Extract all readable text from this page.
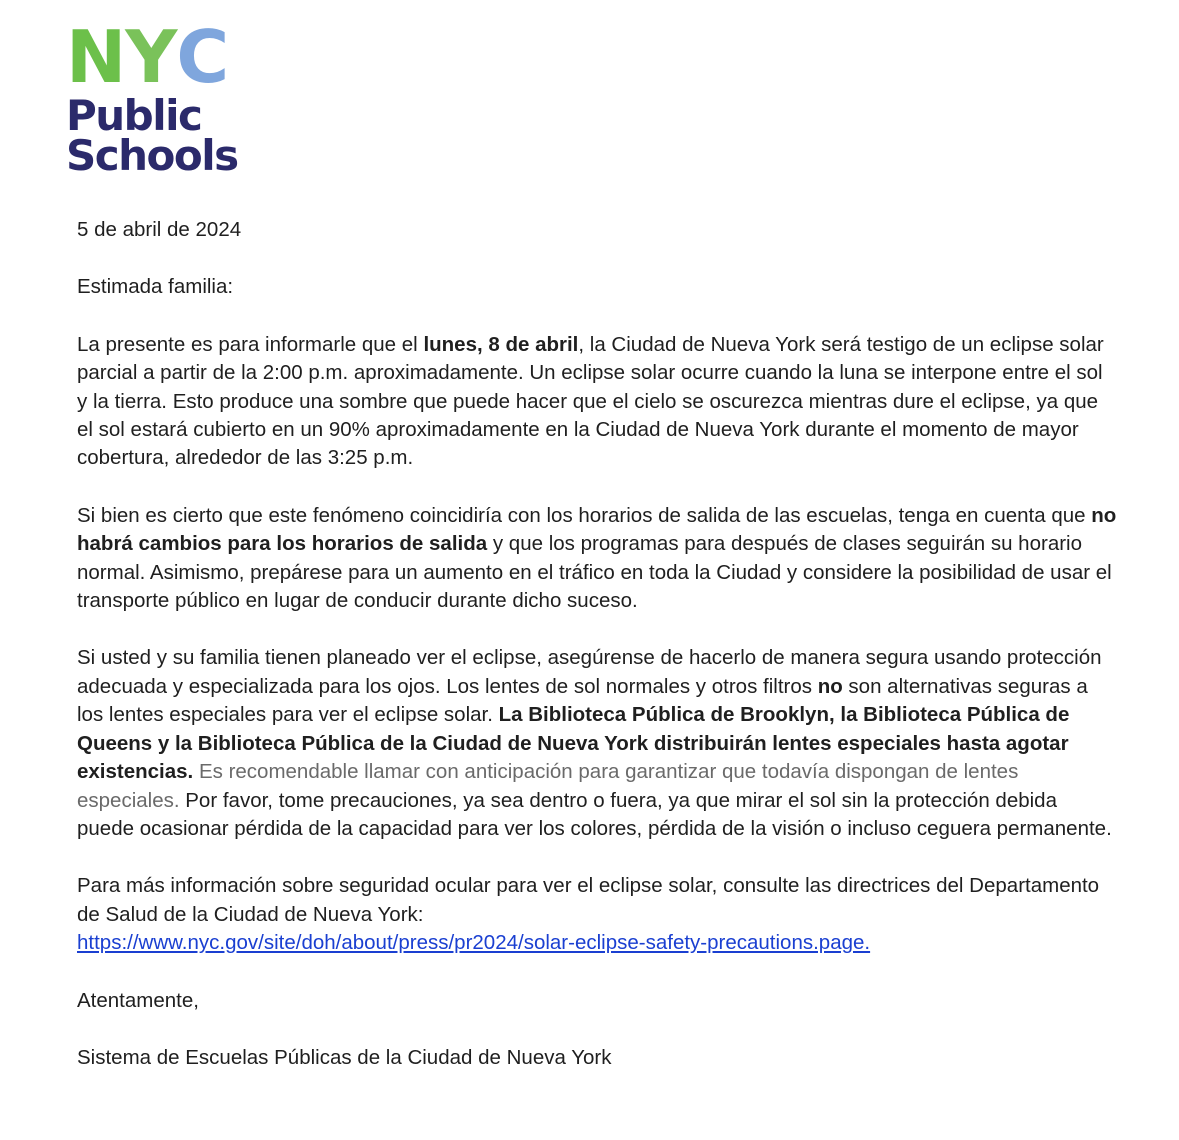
N Y C
Public
Schools

5 de abril de 2024

Estimada familia:

La presente es para informarle que el lunes, 8 de abril, la Ciudad de Nueva York será testigo de un eclipse solar parcial a partir de la 2:00 p.m. aproximadamente. Un eclipse solar ocurre cuando la luna se interpone entre el sol y la tierra. Esto produce una sombre que puede hacer que el cielo se oscurezca mientras dure el eclipse, ya que el sol estará cubierto en un 90% aproximadamente en la Ciudad de Nueva York durante el momento de mayor cobertura, alrededor de las 3:25 p.m.

Si bien es cierto que este fenómeno coincidiría con los horarios de salida de las escuelas, tenga en cuenta que no habrá cambios para los horarios de salida y que los programas para después de clases seguirán su horario normal. Asimismo, prepárese para un aumento en el tráfico en toda la Ciudad y considere la posibilidad de usar el transporte público en lugar de conducir durante dicho suceso.

Si usted y su familia tienen planeado ver el eclipse, asegúrense de hacerlo de manera segura usando protección adecuada y especializada para los ojos. Los lentes de sol normales y otros filtros no son alternativas seguras a los lentes especiales para ver el eclipse solar. La Biblioteca Pública de Brooklyn, la Biblioteca Pública de Queens y la Biblioteca Pública de la Ciudad de Nueva York distribuirán lentes especiales hasta agotar existencias. Es recomendable llamar con anticipación para garantizar que todavía dispongan de lentes especiales. Por favor, tome precauciones, ya sea dentro o fuera, ya que mirar el sol sin la protección debida puede ocasionar pérdida de la capacidad para ver los colores, pérdida de la visión o incluso ceguera permanente.

Para más información sobre seguridad ocular para ver el eclipse solar, consulte las directrices del Departamento de Salud de la Ciudad de Nueva York:
https://www.nyc.gov/site/doh/about/press/pr2024/solar-eclipse-safety-precautions.page.

Atentamente,

Sistema de Escuelas Públicas de la Ciudad de Nueva York
